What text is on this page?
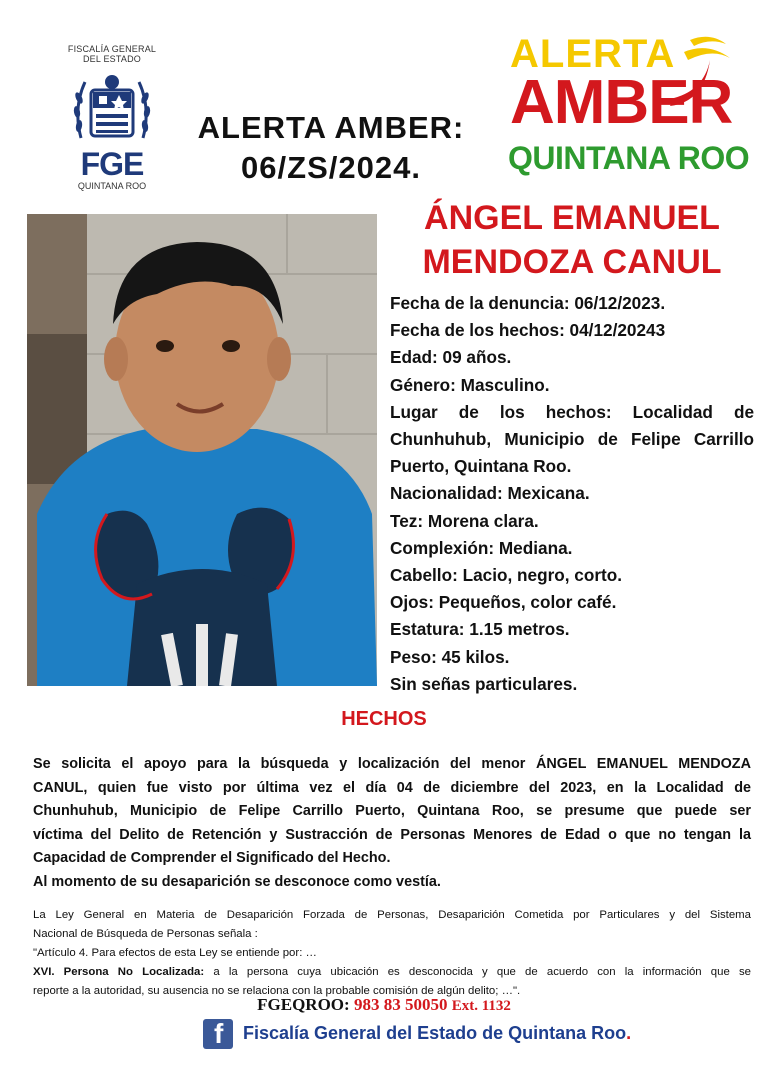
FISCALÍA GENERAL
DEL ESTADO
FGE
QUINTANA ROO
ALERTA AMBER:
06/ZS/2024.
ALERTA
AMBER
QUINTANA ROO
ÁNGEL EMANUEL
MENDOZA CANUL
Fecha de la denuncia: 06/12/2023.
Fecha de los hechos: 04/12/20243
Edad: 09 años.
Género: Masculino.
Lugar de los hechos: Localidad de
Chunhuhub, Municipio de Felipe Carrillo
Puerto, Quintana Roo.
Nacionalidad: Mexicana.
Tez: Morena clara.
Complexión: Mediana.
Cabello: Lacio, negro, corto.
Ojos: Pequeños, color café.
Estatura: 1.15 metros.
Peso: 45 kilos.
Sin señas particulares.
HECHOS
Se solicita el apoyo para la búsqueda y localización del menor ÁNGEL EMANUEL MENDOZA
CANUL, quien fue visto por última vez el día 04 de diciembre del 2023, en la Localidad de
Chunhuhub, Municipio de Felipe Carrillo Puerto, Quintana Roo, se presume que puede ser
víctima del Delito de Retención y Sustracción de Personas Menores de Edad o que no tengan la
Capacidad de Comprender el Significado del Hecho.
Al momento de su desaparición se desconoce como vestía.
La Ley General en Materia de Desaparición Forzada de Personas, Desaparición Cometida por Particulares y del Sistema
Nacional de Búsqueda de Personas señala :
"Artículo 4. Para efectos de esta Ley se entiende por: …
XVI. Persona No Localizada: a la persona cuya ubicación es desconocida y que de acuerdo con la información que se
reporte a la autoridad, su ausencia no se relaciona con la probable comisión de algún delito; …".
FGEQROO: 983 83 50050 Ext. 1132
f Fiscalía General del Estado de Quintana Roo.
